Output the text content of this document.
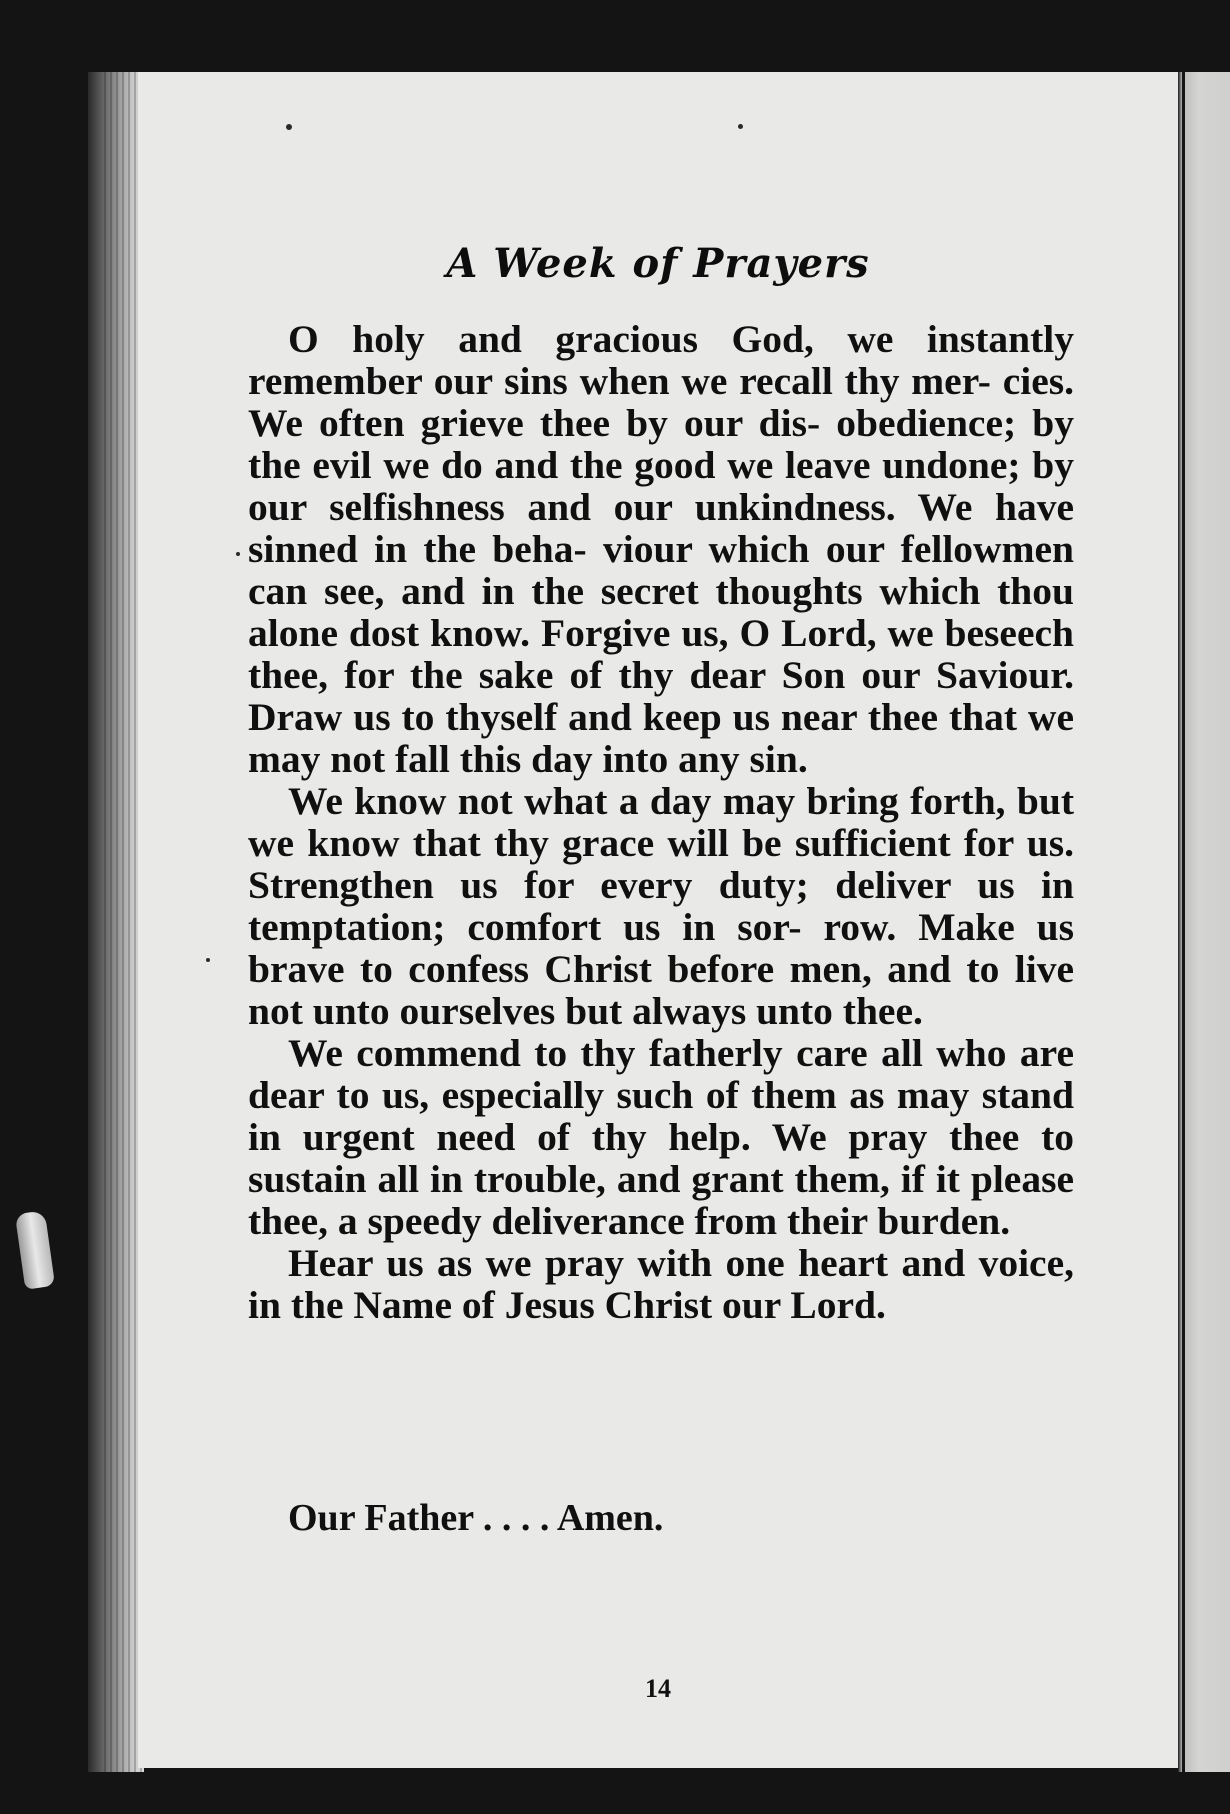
A Week of Prayers

O holy and gracious God, we instantly remember our sins when we recall thy mer- cies. We often grieve thee by our dis- obedience; by the evil we do and the good we leave undone; by our selfishness and our unkindness. We have sinned in the beha- viour which our fellowmen can see, and in the secret thoughts which thou alone dost know. Forgive us, O Lord, we beseech thee, for the sake of thy dear Son our Saviour. Draw us to thyself and keep us near thee that we may not fall this day into any sin.

We know not what a day may bring forth, but we know that thy grace will be sufficient for us. Strengthen us for every duty; deliver us in temptation; comfort us in sor- row. Make us brave to confess Christ before men, and to live not unto ourselves but always unto thee.

We commend to thy fatherly care all who are dear to us, especially such of them as may stand in urgent need of thy help. We pray thee to sustain all in trouble, and grant them, if it please thee, a speedy deliverance from their burden.

Hear us as we pray with one heart and voice, in the Name of Jesus Christ our Lord.

Our Father . . . . Amen.
14
